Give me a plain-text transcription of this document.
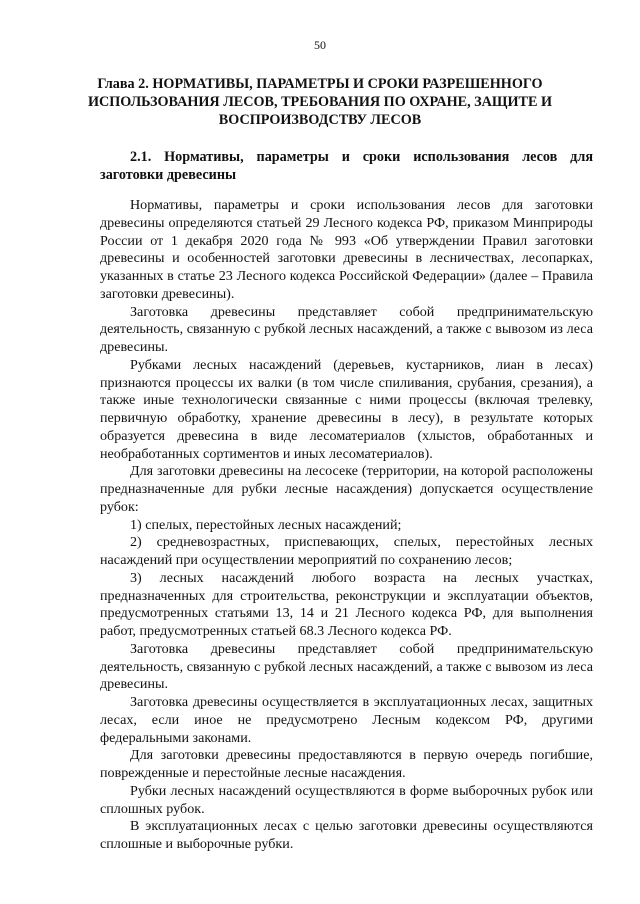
50
Глава 2. НОРМАТИВЫ, ПАРАМЕТРЫ И СРОКИ РАЗРЕШЕННОГО ИСПОЛЬЗОВАНИЯ ЛЕСОВ, ТРЕБОВАНИЯ ПО ОХРАНЕ, ЗАЩИТЕ И ВОСПРОИЗВОДСТВУ ЛЕСОВ
2.1. Нормативы, параметры и сроки использования лесов для заготовки древесины

Нормативы, параметры и сроки использования лесов для заготовки древесины определяются статьей 29 Лесного кодекса РФ, приказом Минприроды России от 1 декабря 2020 года № 993 «Об утверждении Правил заготовки древесины и особенностей заготовки древесины в лесничествах, лесопарках, указанных в статье 23 Лесного кодекса Российской Федерации» (далее – Правила заготовки древесины).

Заготовка древесины представляет собой предпринимательскую деятельность, связанную с рубкой лесных насаждений, а также с вывозом из леса древесины.

Рубками лесных насаждений (деревьев, кустарников, лиан в лесах) признаются процессы их валки (в том числе спиливания, срубания, срезания), а также иные технологически связанные с ними процессы (включая трелевку, первичную обработку, хранение древесины в лесу), в результате которых образуется древесина в виде лесоматериалов (хлыстов, обработанных и необработанных сортиментов и иных лесоматериалов).

Для заготовки древесины на лесосеке (территории, на которой расположены предназначенные для рубки лесные насаждения) допускается осуществление рубок:

1) спелых, перестойных лесных насаждений;

2) средневозрастных, приспевающих, спелых, перестойных лесных насаждений при осуществлении мероприятий по сохранению лесов;

3) лесных насаждений любого возраста на лесных участках, предназначенных для строительства, реконструкции и эксплуатации объектов, предусмотренных статьями 13, 14 и 21 Лесного кодекса РФ, для выполнения работ, предусмотренных статьей 68.3 Лесного кодекса РФ.

Заготовка древесины представляет собой предпринимательскую деятельность, связанную с рубкой лесных насаждений, а также с вывозом из леса древесины.

Заготовка древесины осуществляется в эксплуатационных лесах, защитных лесах, если иное не предусмотрено Лесным кодексом РФ, другими федеральными законами.

Для заготовки древесины предоставляются в первую очередь погибшие, поврежденные и перестойные лесные насаждения.

Рубки лесных насаждений осуществляются в форме выборочных рубок или сплошных рубок.

В эксплуатационных лесах с целью заготовки древесины осуществляются сплошные и выборочные рубки.
